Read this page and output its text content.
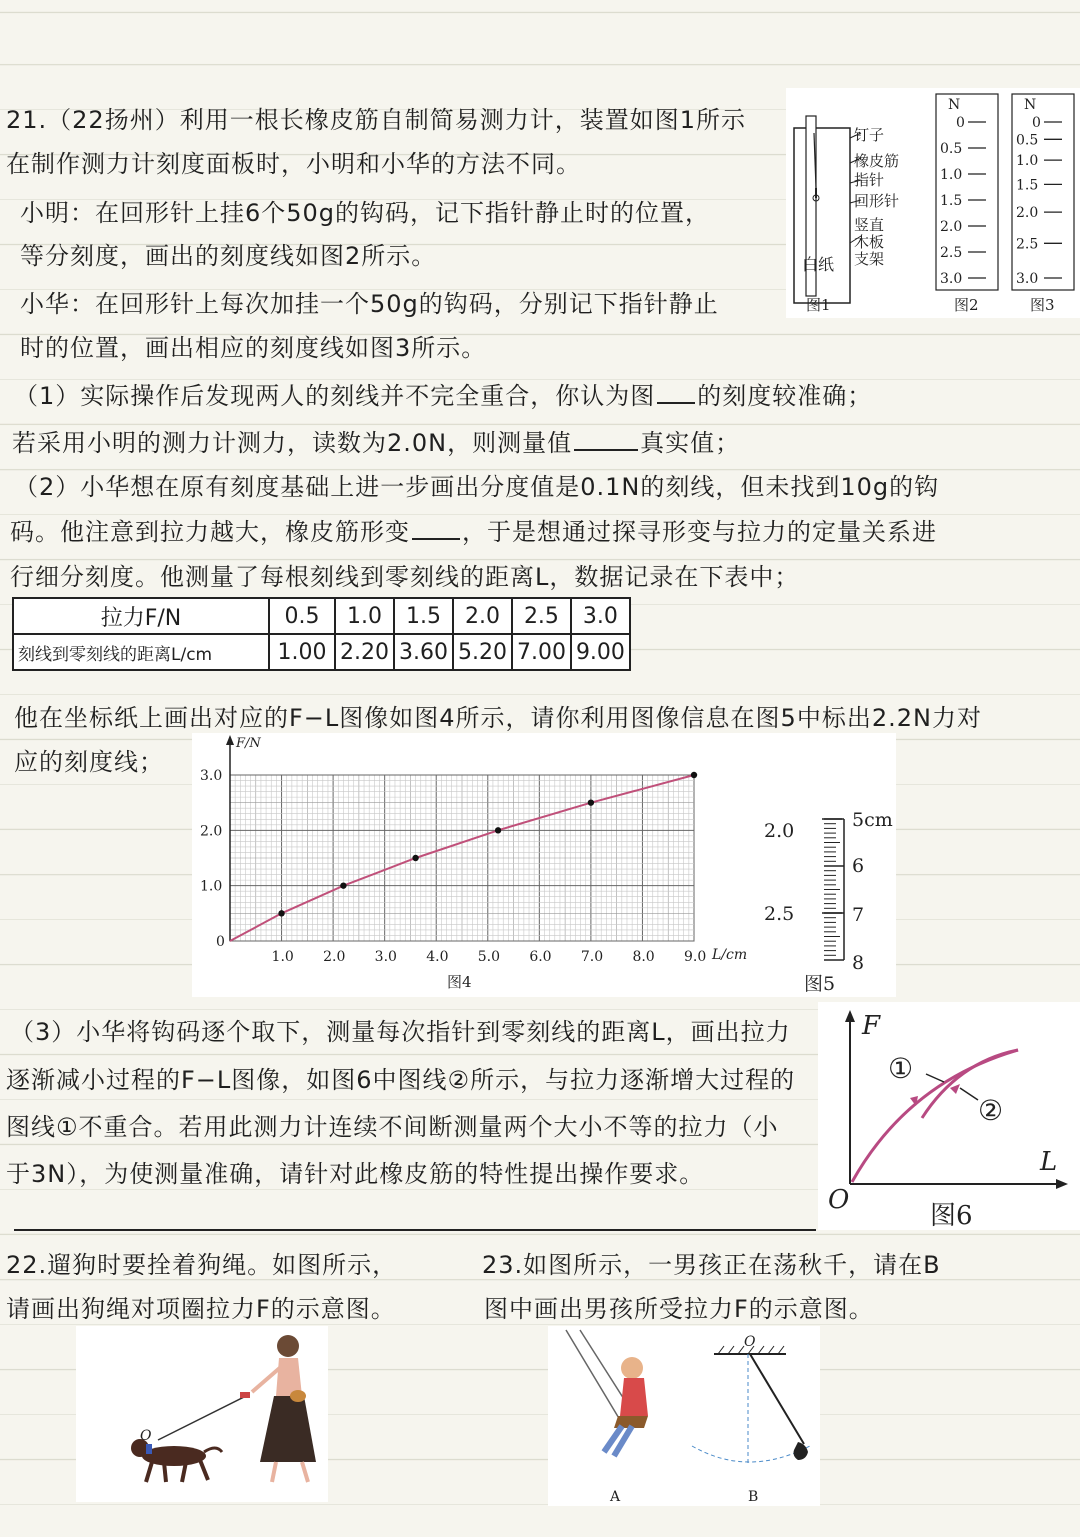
21.（22扬州）利用一根长橡皮筋自制简易测力计，装置如图1所示
在制作测力计刻度面板时，小明和小华的方法不同。
小明：在回形针上挂6个50g的钩码，记下指针静止时的位置，
等分刻度，画出的刻度线如图2所示。
小华：在回形针上每次加挂一个50g的钩码，分别记下指针静止
时的位置，画出相应的刻度线如图3所示。
（1）实际操作后发现两人的刻线并不完全重合，你认为图 的刻度较准确；
若采用小明的测力计测力，读数为2.0N，则测量值	真实值；
（2）小华想在原有刻度基础上进一步画出分度值是0.1N的刻线，但未找到10g的钩
码。他注意到拉力越大，橡皮筋形变 ，于是想通过探寻形变与拉力的定量关系进
行细分刻度。他测量了每根刻线到零刻线的距离L，数据记录在下表中；
拉力F/N	0.5	1.0	1.5	2.0	2.5	3.0
刻线到零刻线的距离L/cm	1.00	2.20	3.60	5.20	7.00	9.00
他在坐标纸上画出对应的F−L图像如图4所示，请你利用图像信息在图5中标出2.2N力对
应的刻度线；
钉子
橡皮筋
指针
回形针
竖直
木板
支架
白纸
图1
N
0
0.5
1.0
1.5
2.0
2.5
3.0
图2
N
0
0.5
1.0
1.5
2.0
2.5
3.0
图3
1.0 2.0 3.0 4.0 5.0 6.0 7.0 8.0 9.0
0
1.0
2.0
3.0
F/N
L/cm
图4
2.0
2.5
5cm
6
7
8
图5
（3）小华将钩码逐个取下，测量每次指针到零刻线的距离L，画出拉力
逐渐减小过程的F−L图像，如图6中图线②所示，与拉力逐渐增大过程的
图线①不重合。若用此测力计连续不间断测量两个大小不等的拉力（小
于3N），为使测量准确，请针对此橡皮筋的特性提出操作要求。
F
L
O
①
②
图6
22.遛狗时要拴着狗绳。如图所示，
请画出狗绳对项圈拉力F的示意图。
23.如图所示，一男孩正在荡秋千，请在B
图中画出男孩所受拉力F的示意图。
O
A
O
B
